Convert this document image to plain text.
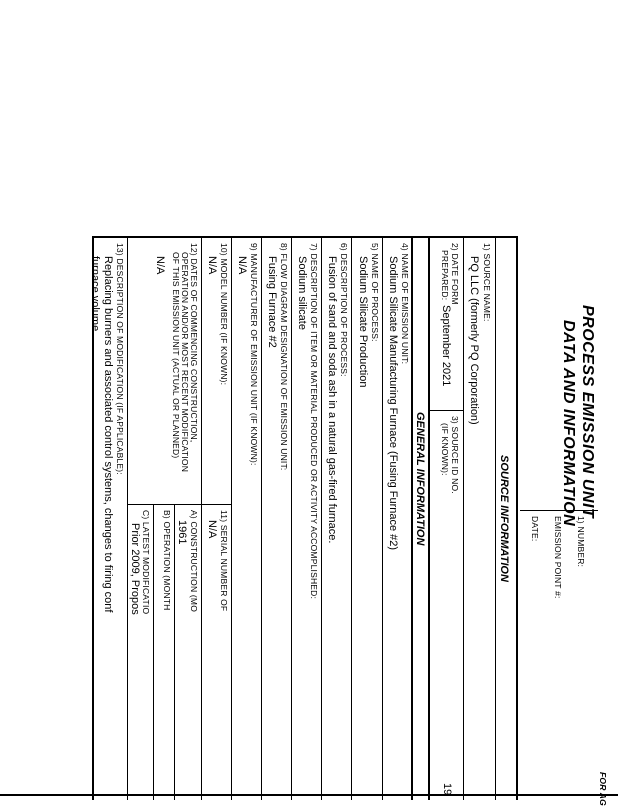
PROCESS EMISSION UNIT
DATA AND INFORMATION
FOR AG
1) NUMBER:
EMISSION POINT #:
DATE:
SOURCE INFORMATION
1) SOURCE NAME:
PQ LLC (formerly PQ Corporation)
2) DATE FORM
PREPARED:
September 2021
3) SOURCE ID NO.
(IF KNOWN):
19
GENERAL INFORMATION
4) NAME OF EMISSION UNIT:
Sodium Silicate Manufacturing Furnace (Fusing Furnace #2)
5) NAME OF PROCESS:
Sodium Silicate Production
6) DESCRIPTION OF PROCESS:
Fusion of sand and soda ash in a natural gas-fired furnace.
7) DESCRIPTION OF ITEM OR MATERIAL PRODUCED OR ACTIVITY ACCOMPLISHED:
Sodium silicate
8) FLOW DIAGRAM DESIGNATION OF EMISSION UNIT:
Fusing Furnace #2
9) MANUFACTURER OF EMISSION UNIT (IF KNOWN):
N/A
10) MODEL NUMBER (IF KNOWN):
N/A
11) SERIAL NUMBER OF
N/A
12) DATES OF COMMENCING CONSTRUCTION,
OPERATION AND/OR MOST RECENT MODIFICATION
OF THIS EMISSION UNIT (ACTUAL OR PLANNED)
N/A
A) CONSTRUCTION (MO
1961
B) OPERATION (MONTH
C) LATEST MODIFICATIO
Prior 2009, Propos
13) DESCRIPTION OF MODIFICATION (IF APPLICABLE):
Replacing burners and associated control systems, changes to firing conf
furnace volume.
